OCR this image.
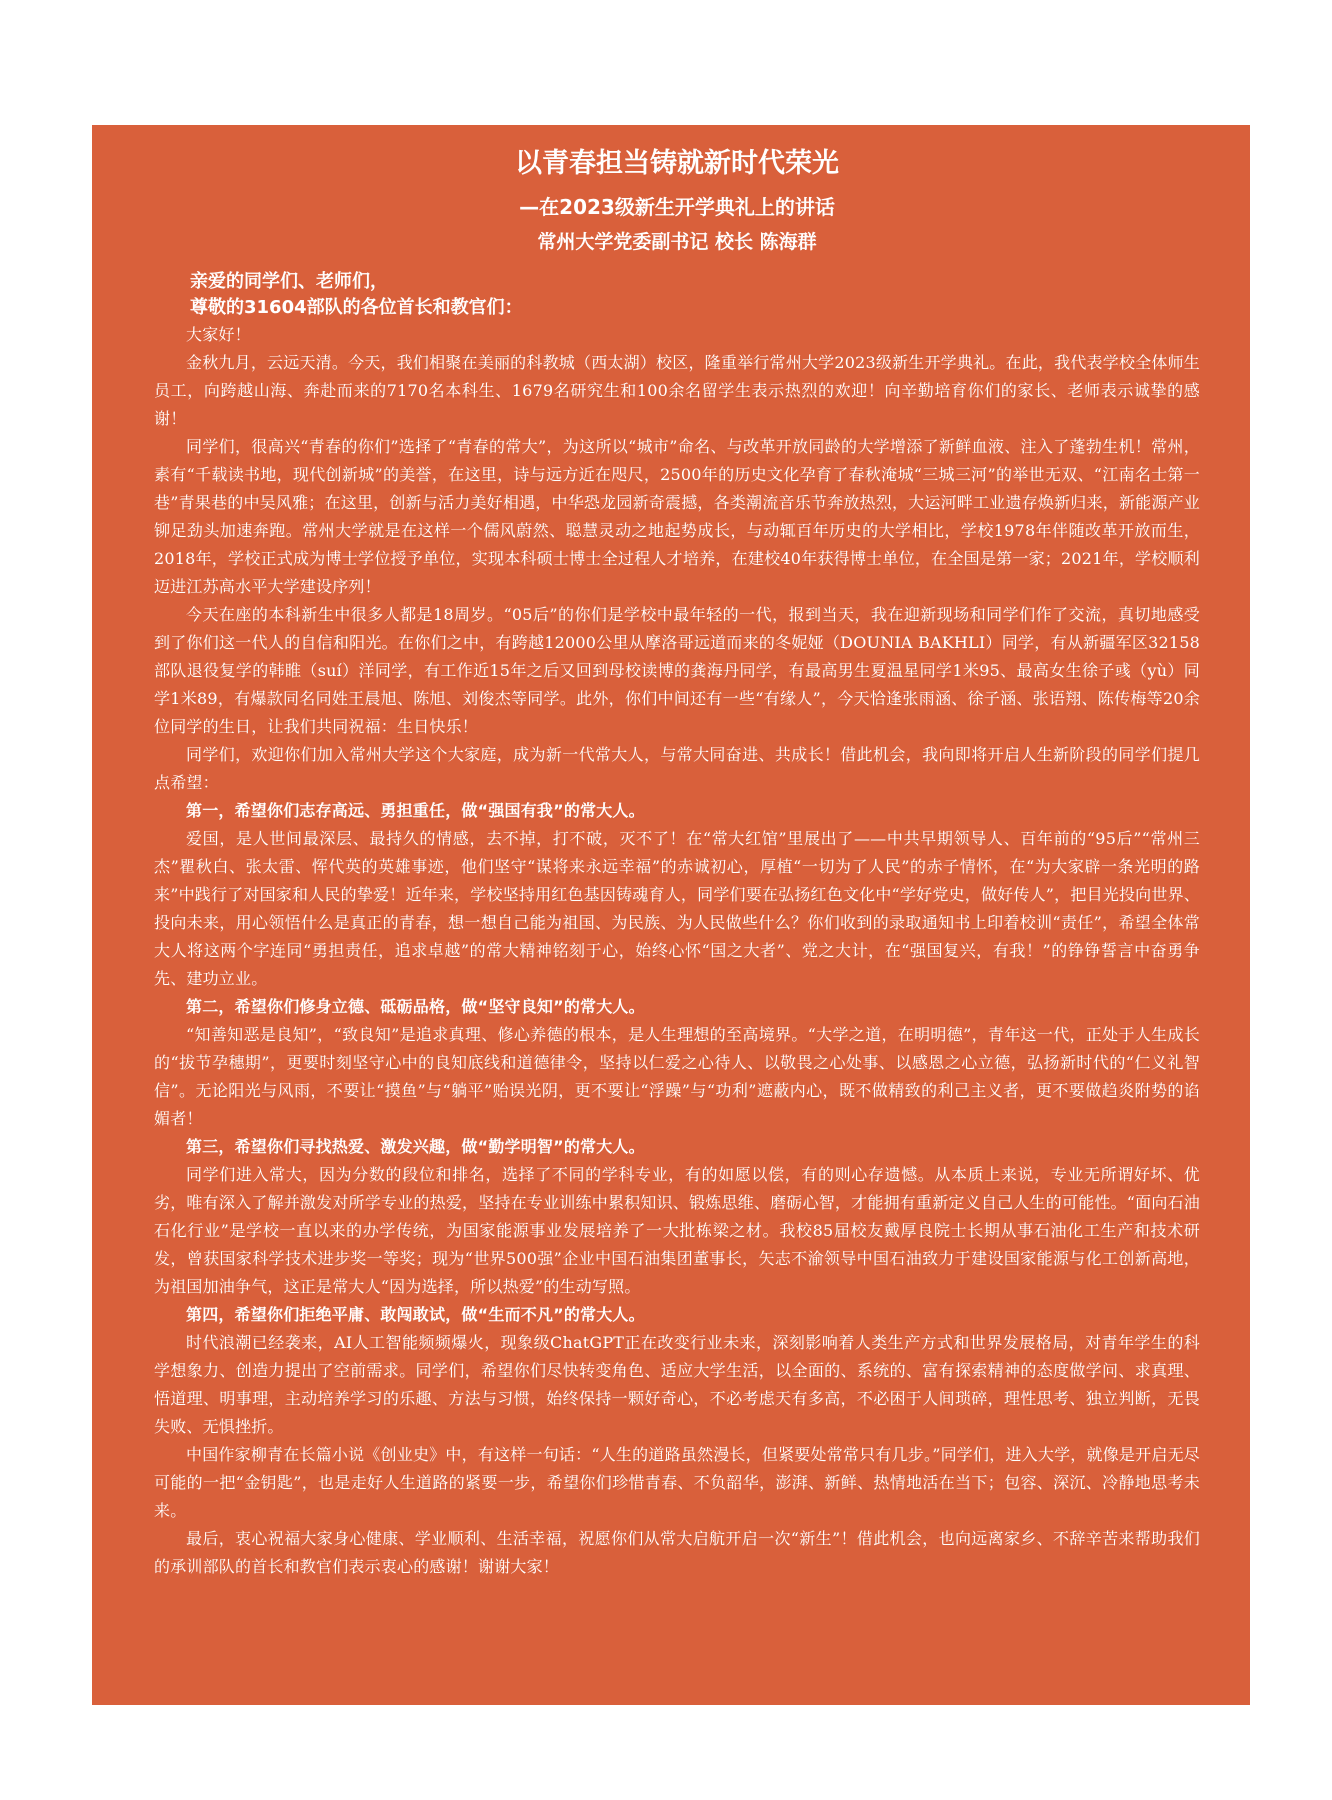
以青春担当铸就新时代荣光
—在2023级新生开学典礼上的讲话
常州大学党委副书记 校长 陈海群
亲爱的同学们、老师们，
尊敬的31604部队的各位首长和教官们：

大家好！

金秋九月，云远天清。今天，我们相聚在美丽的科教城（西太湖）校区，隆重举行常州大学2023级新生开学典礼。在此，我代表学校全体师生员工，向跨越山海、奔赴而来的7170名本科生、1679名研究生和100余名留学生表示热烈的欢迎！向辛勤培育你们的家长、老师表示诚挚的感谢！

同学们，很高兴“青春的你们”选择了“青春的常大”，为这所以“城市”命名、与改革开放同龄的大学增添了新鲜血液、注入了蓬勃生机！常州，素有“千载读书地，现代创新城”的美誉，在这里，诗与远方近在咫尺，2500年的历史文化孕育了春秋淹城“三城三河”的举世无双、“江南名士第一巷”青果巷的中吴风雅；在这里，创新与活力美好相遇，中华恐龙园新奇震撼，各类潮流音乐节奔放热烈，大运河畔工业遗存焕新归来，新能源产业铆足劲头加速奔跑。常州大学就是在这样一个儒风蔚然、聪慧灵动之地起势成长，与动辄百年历史的大学相比，学校1978年伴随改革开放而生， 2018年，学校正式成为博士学位授予单位，实现本科硕士博士全过程人才培养，在建校40年获得博士单位，在全国是第一家；2021年，学校顺利迈进江苏高水平大学建设序列！

今天在座的本科新生中很多人都是18周岁。“05后”的你们是学校中最年轻的一代，报到当天，我在迎新现场和同学们作了交流，真切地感受到了你们这一代人的自信和阳光。在你们之中，有跨越12000公里从摩洛哥远道而来的冬妮娅（DOUNIA BAKHLI）同学，有从新疆军区32158部队退役复学的韩睢（suí）洋同学，有工作近15年之后又回到母校读博的龚海丹同学，有最高男生夏温星同学1米95、最高女生徐子彧（yù）同学1米89，有爆款同名同姓王晨旭、陈旭、刘俊杰等同学。此外，你们中间还有一些“有缘人”，今天恰逢张雨涵、徐子涵、张语翔、陈传梅等20余位同学的生日，让我们共同祝福：生日快乐！

同学们，欢迎你们加入常州大学这个大家庭，成为新一代常大人，与常大同奋进、共成长！借此机会，我向即将开启人生新阶段的同学们提几点希望：

第一，希望你们志存高远、勇担重任，做“强国有我”的常大人。

爱国，是人世间最深层、最持久的情感，去不掉，打不破，灭不了！在“常大红馆”里展出了——中共早期领导人、百年前的“95后”“常州三杰”瞿秋白、张太雷、恽代英的英雄事迹，他们坚守“谋将来永远幸福”的赤诚初心，厚植“一切为了人民”的赤子情怀，在“为大家辟一条光明的路来”中践行了对国家和人民的挚爱！近年来，学校坚持用红色基因铸魂育人，同学们要在弘扬红色文化中“学好党史，做好传人”，把目光投向世界、投向未来，用心领悟什么是真正的青春，想一想自己能为祖国、为民族、为人民做些什么？你们收到的录取通知书上印着校训“责任”，希望全体常大人将这两个字连同“勇担责任，追求卓越”的常大精神铭刻于心，始终心怀“国之大者”、党之大计，在“强国复兴，有我！”的铮铮誓言中奋勇争先、建功立业。

第二，希望你们修身立德、砥砺品格，做“坚守良知”的常大人。

“知善知恶是良知”，“致良知”是追求真理、修心养德的根本，是人生理想的至高境界。“大学之道，在明明德”，青年这一代，正处于人生成长的“拔节孕穗期”，更要时刻坚守心中的良知底线和道德律令，坚持以仁爱之心待人、以敬畏之心处事、以感恩之心立德，弘扬新时代的“仁义礼智信”。无论阳光与风雨，不要让“摸鱼”与“躺平”贻误光阴，更不要让“浮躁”与“功利”遮蔽内心，既不做精致的利己主义者，更不要做趋炎附势的谄媚者！

第三，希望你们寻找热爱、激发兴趣，做“勤学明智”的常大人。

同学们进入常大，因为分数的段位和排名，选择了不同的学科专业，有的如愿以偿，有的则心存遗憾。从本质上来说，专业无所谓好坏、优劣，唯有深入了解并激发对所学专业的热爱，坚持在专业训练中累积知识、锻炼思维、磨砺心智，才能拥有重新定义自己人生的可能性。“面向石油石化行业”是学校一直以来的办学传统，为国家能源事业发展培养了一大批栋梁之材。我校85届校友戴厚良院士长期从事石油化工生产和技术研发，曾获国家科学技术进步奖一等奖；现为“世界500强”企业中国石油集团董事长，矢志不渝领导中国石油致力于建设国家能源与化工创新高地，为祖国加油争气，这正是常大人“因为选择，所以热爱”的生动写照。

第四，希望你们拒绝平庸、敢闯敢试，做“生而不凡”的常大人。

时代浪潮已经袭来，AI人工智能频频爆火，现象级ChatGPT正在改变行业未来，深刻影响着人类生产方式和世界发展格局，对青年学生的科学想象力、创造力提出了空前需求。同学们，希望你们尽快转变角色、适应大学生活，以全面的、系统的、富有探索精神的态度做学问、求真理、悟道理、明事理，主动培养学习的乐趣、方法与习惯，始终保持一颗好奇心，不必考虑天有多高，不必困于人间琐碎，理性思考、独立判断，无畏失败、无惧挫折。

中国作家柳青在长篇小说《创业史》中，有这样一句话：“人生的道路虽然漫长，但紧要处常常只有几步。”同学们，进入大学，就像是开启无尽可能的一把“金钥匙”，也是走好人生道路的紧要一步，希望你们珍惜青春、不负韶华，澎湃、新鲜、热情地活在当下；包容、深沉、冷静地思考未来。

最后，衷心祝福大家身心健康、学业顺利、生活幸福，祝愿你们从常大启航开启一次“新生”！借此机会，也向远离家乡、不辞辛苦来帮助我们的承训部队的首长和教官们表示衷心的感谢！谢谢大家！
